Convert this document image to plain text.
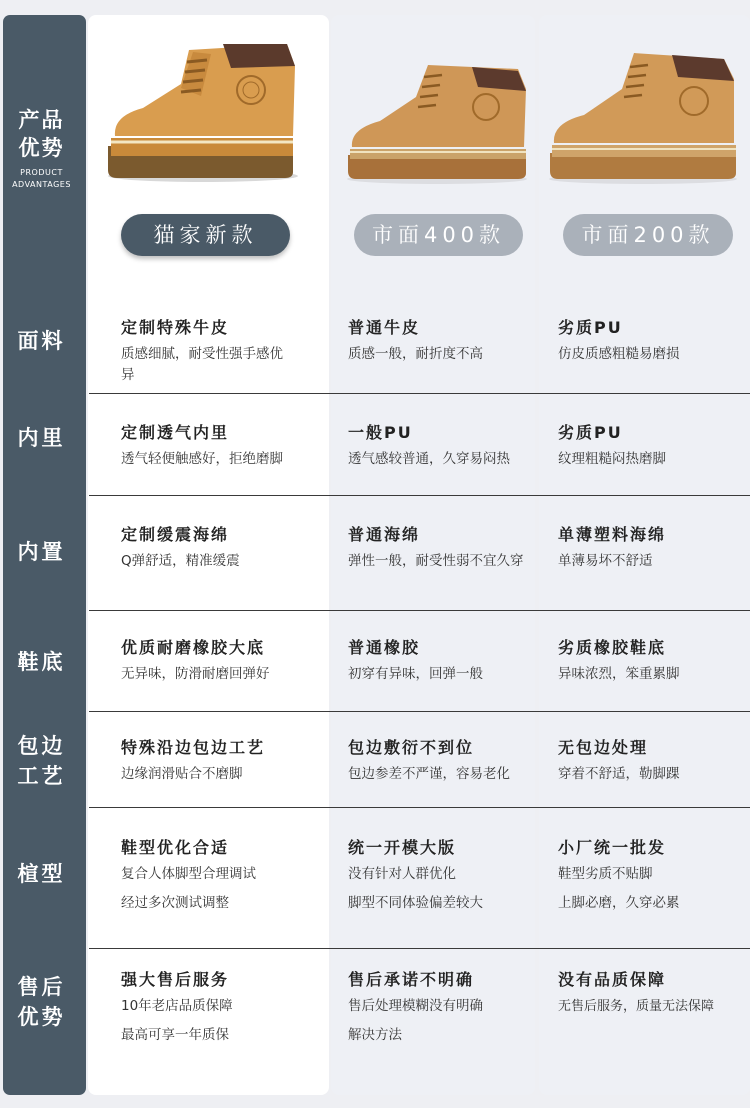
产品
优势
PRODUCT
ADVANTAGES
面料
内里
内置
鞋底
包边
工艺
楦型
售后
优势
猫家新款	市面400款	市面200款
定制特殊牛皮
质感细腻，耐受性强手感优异
普通牛皮
质感一般，耐折度不高
劣质PU
仿皮质感粗糙易磨损
定制透气内里
透气轻便触感好，拒绝磨脚
一般PU
透气感较普通，久穿易闷热
劣质PU
纹理粗糙闷热磨脚
定制缓震海绵
Q弹舒适，精准缓震
普通海绵
弹性一般，耐受性弱不宜久穿
单薄塑料海绵
单薄易坏不舒适
优质耐磨橡胶大底
无异味，防滑耐磨回弹好
普通橡胶
初穿有异味，回弹一般
劣质橡胶鞋底
异味浓烈，笨重累脚
特殊沿边包边工艺
边缘润滑贴合不磨脚
包边敷衍不到位
包边参差不严谨，容易老化
无包边处理
穿着不舒适，勒脚踝
鞋型优化合适
复合人体脚型合理调试
经过多次测试调整
统一开模大版
没有针对人群优化
脚型不同体验偏差较大
小厂统一批发
鞋型劣质不贴脚
上脚必磨，久穿必累
强大售后服务
10年老店品质保障
最高可享一年质保
售后承诺不明确
售后处理模糊没有明确
解决方法
没有品质保障
无售后服务，质量无法保障
